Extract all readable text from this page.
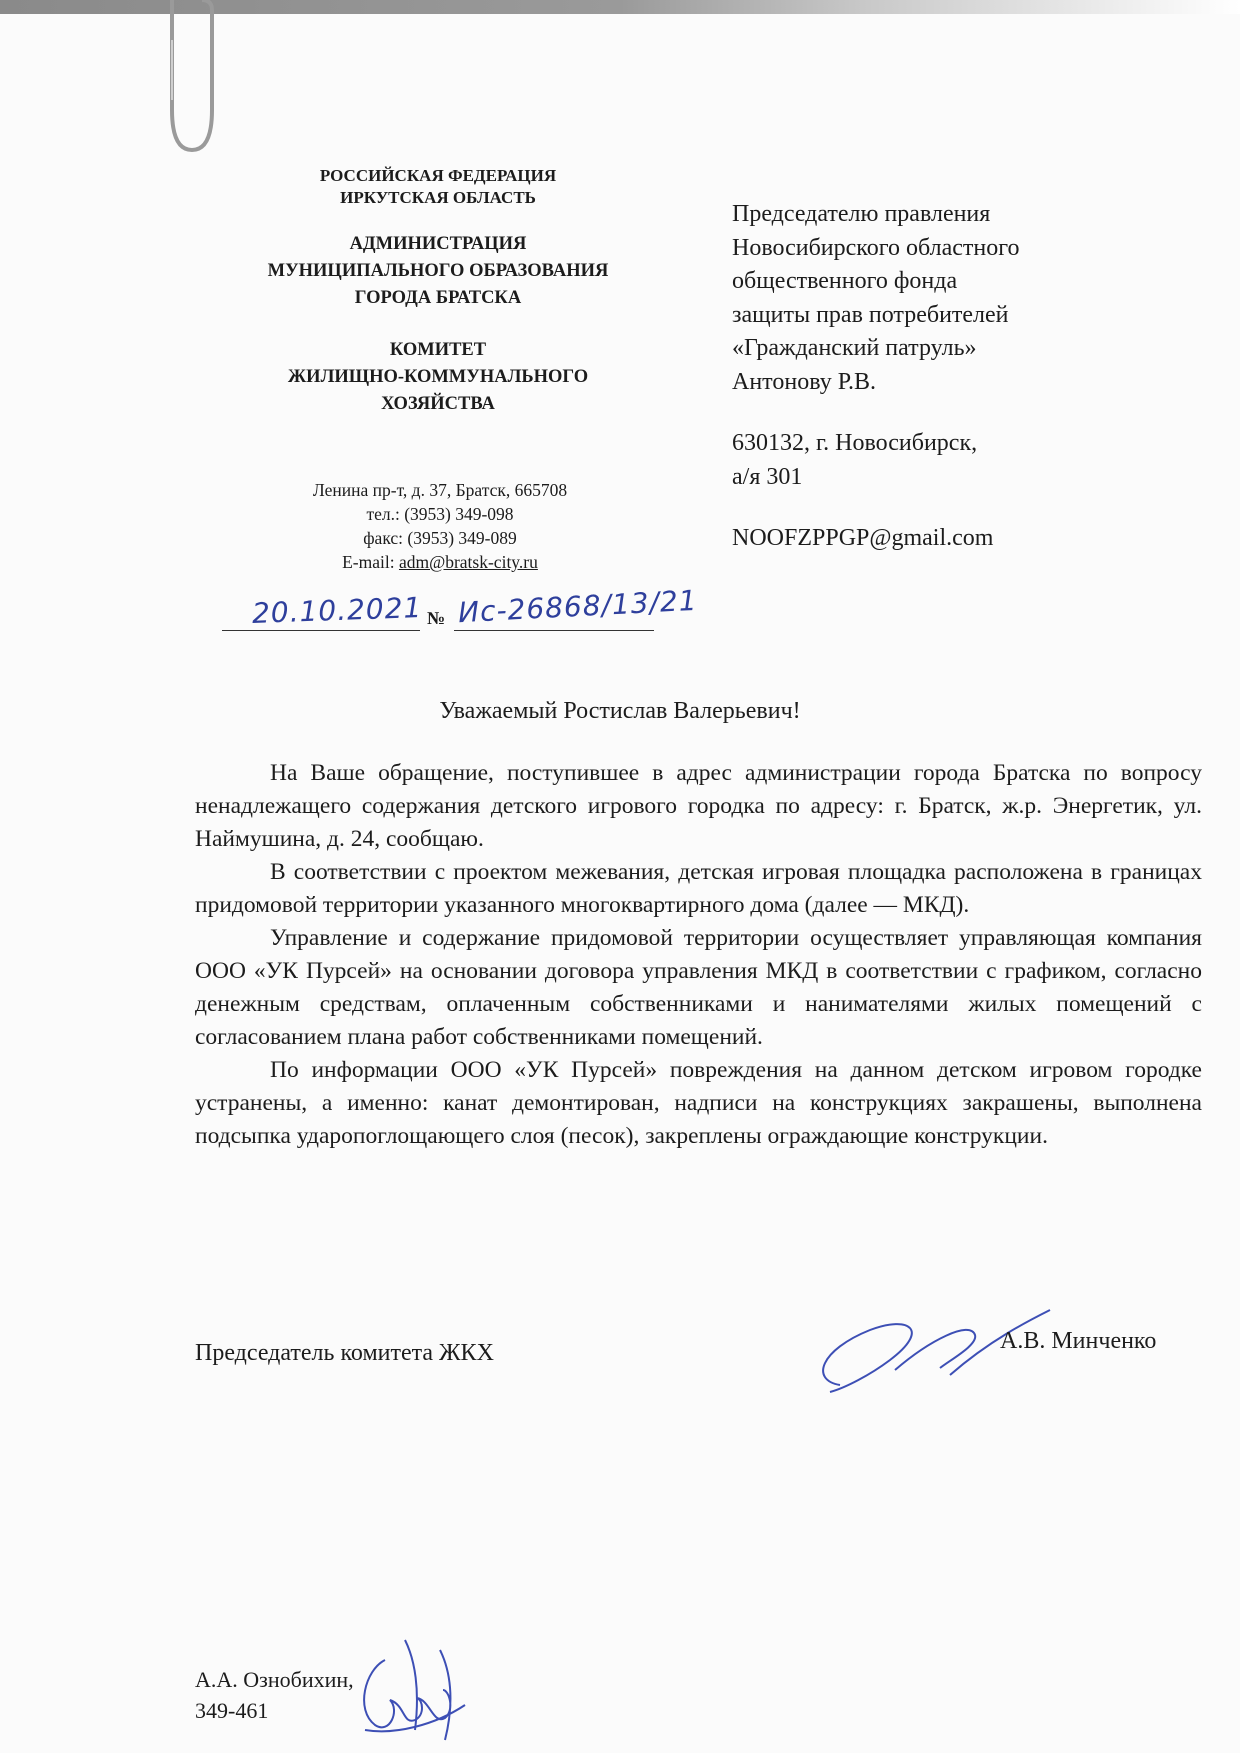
РОССИЙСКАЯ ФЕДЕРАЦИЯ

ИРКУТСКАЯ ОБЛАСТЬ

АДМИНИСТРАЦИЯ

МУНИЦИПАЛЬНОГО ОБРАЗОВАНИЯ

ГОРОДА БРАТСКА

КОМИТЕТ

ЖИЛИЩНО-КОММУНАЛЬНОГО

ХОЗЯЙСТВА

Ленина пр-т, д. 37, Братск, 665708
тел.: (3953) 349-098
факс: (3953) 349-089
E-mail: adm@bratsk-city.ru
20.10.2021 № Ис-26868/13/21

Председателю правления

Новосибирского областного

общественного фонда

защиты прав потребителей

«Гражданский патруль»

Антонову Р.В.

630132, г. Новосибирск,

а/я 301

NOOFZPPGP@gmail.com

Уважаемый Ростислав Валерьевич!

На Ваше обращение, поступившее в адрес администрации города Братска по вопросу ненадлежащего содержания детского игрового городка по адресу: г. Братск, ж.р. Энергетик, ул. Наймушина, д. 24, сообщаю.

В соответствии с проектом межевания, детская игровая площадка расположена в границах придомовой территории указанного многоквартирного дома (далее — МКД).

Управление и содержание придомовой территории осуществляет управляющая компания ООО «УК Пурсей» на основании договора управления МКД в соответствии с графиком, согласно денежным средствам, оплаченным собственниками и нанимателями жилых помещений с согласованием плана работ собственниками помещений.

По информации ООО «УК Пурсей» повреждения на данном детском игровом городке устранены, а именно: канат демонтирован, надписи на конструкциях закрашены, выполнена подсыпка ударопоглощающего слоя (песок), закреплены ограждающие конструкции.

Председатель комитета ЖКХ	А.В. Минченко
А.А. Ознобихин,
349-461
